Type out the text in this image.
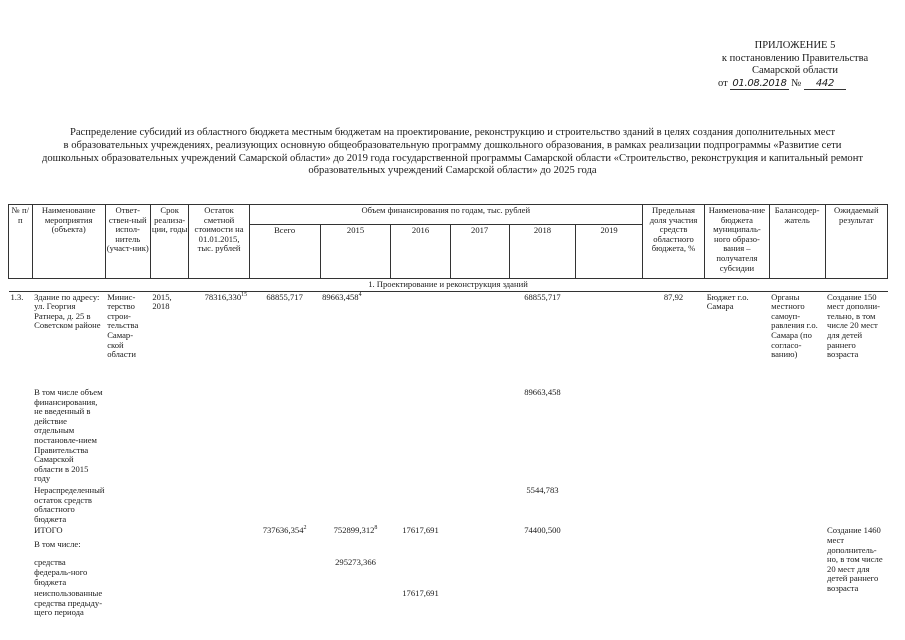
ПРИЛОЖЕНИЕ 5
к постановлению Правительства
Самарской области
от 01.08.2018 № 442
Распределение субсидий из областного бюджета местным бюджетам на проектирование, реконструкцию и строительство зданий в целях создания дополнительных мест
в образовательных учреждениях, реализующих основную общеобразовательную программу дошкольного образования, в рамках реализации подпрограммы «Развитие сети
дошкольных образовательных учреждений Самарской области» до 2019 года государственной программы Самарской области «Строительство, реконструкция и капитальный ремонт
образовательных учреждений Самарской области» до 2025 года
№ п/п	Наименование мероприятия (объекта)	Ответ-ствен-ный испол-нитель (участ-ник)	Срок реализа-ции, годы	Остаток сметной стоимости на 01.01.2015, тыс. рублей	Объем финансирования по годам, тыс. рублей						Предельная доля участия средств областного бюджета, %	Наименова-ние бюджета муниципаль-ного образо-вания – получателя субсидии	Балансодер-жатель	Ожидаемый результат
					Всего	2015	2016	2017	2018	2019				
1. Проектирование и реконструкция зданий														
1.3.	Здание по адресу: ул. Георгия Ратнера, д. 25 в Советском районе	Минис-терство строи-тельства Самар-ской области	2015, 2018	78316,330$^{15}$	68855,717	89663,458$^4$			68855,717		87,92	Бюджет г.о. Самара	Органы местного самоуп-равления г.о. Самара (по согласо-ванию)	Создание 150 мест дополни-тельно, в том числе 20 мест для детей раннего возраста
	В том числе объем финансирования, не введенный в действие отдельным постановле-нием Правительства Самарской области в 2015 году								89663,458					
	Нераспределенный остаток средств областного бюджета								5544,783					
	ИТОГО				737636,354$^2$	752899,312$^8$	17617,691		74400,500					Создание 1460 мест дополнитель-но, в том числе 20 мест для детей раннего возраста
	В том числе:													
	средства федераль-ного бюджета					295273,366								
	неиспользованные средства предыду-щего периода						17617,691							
